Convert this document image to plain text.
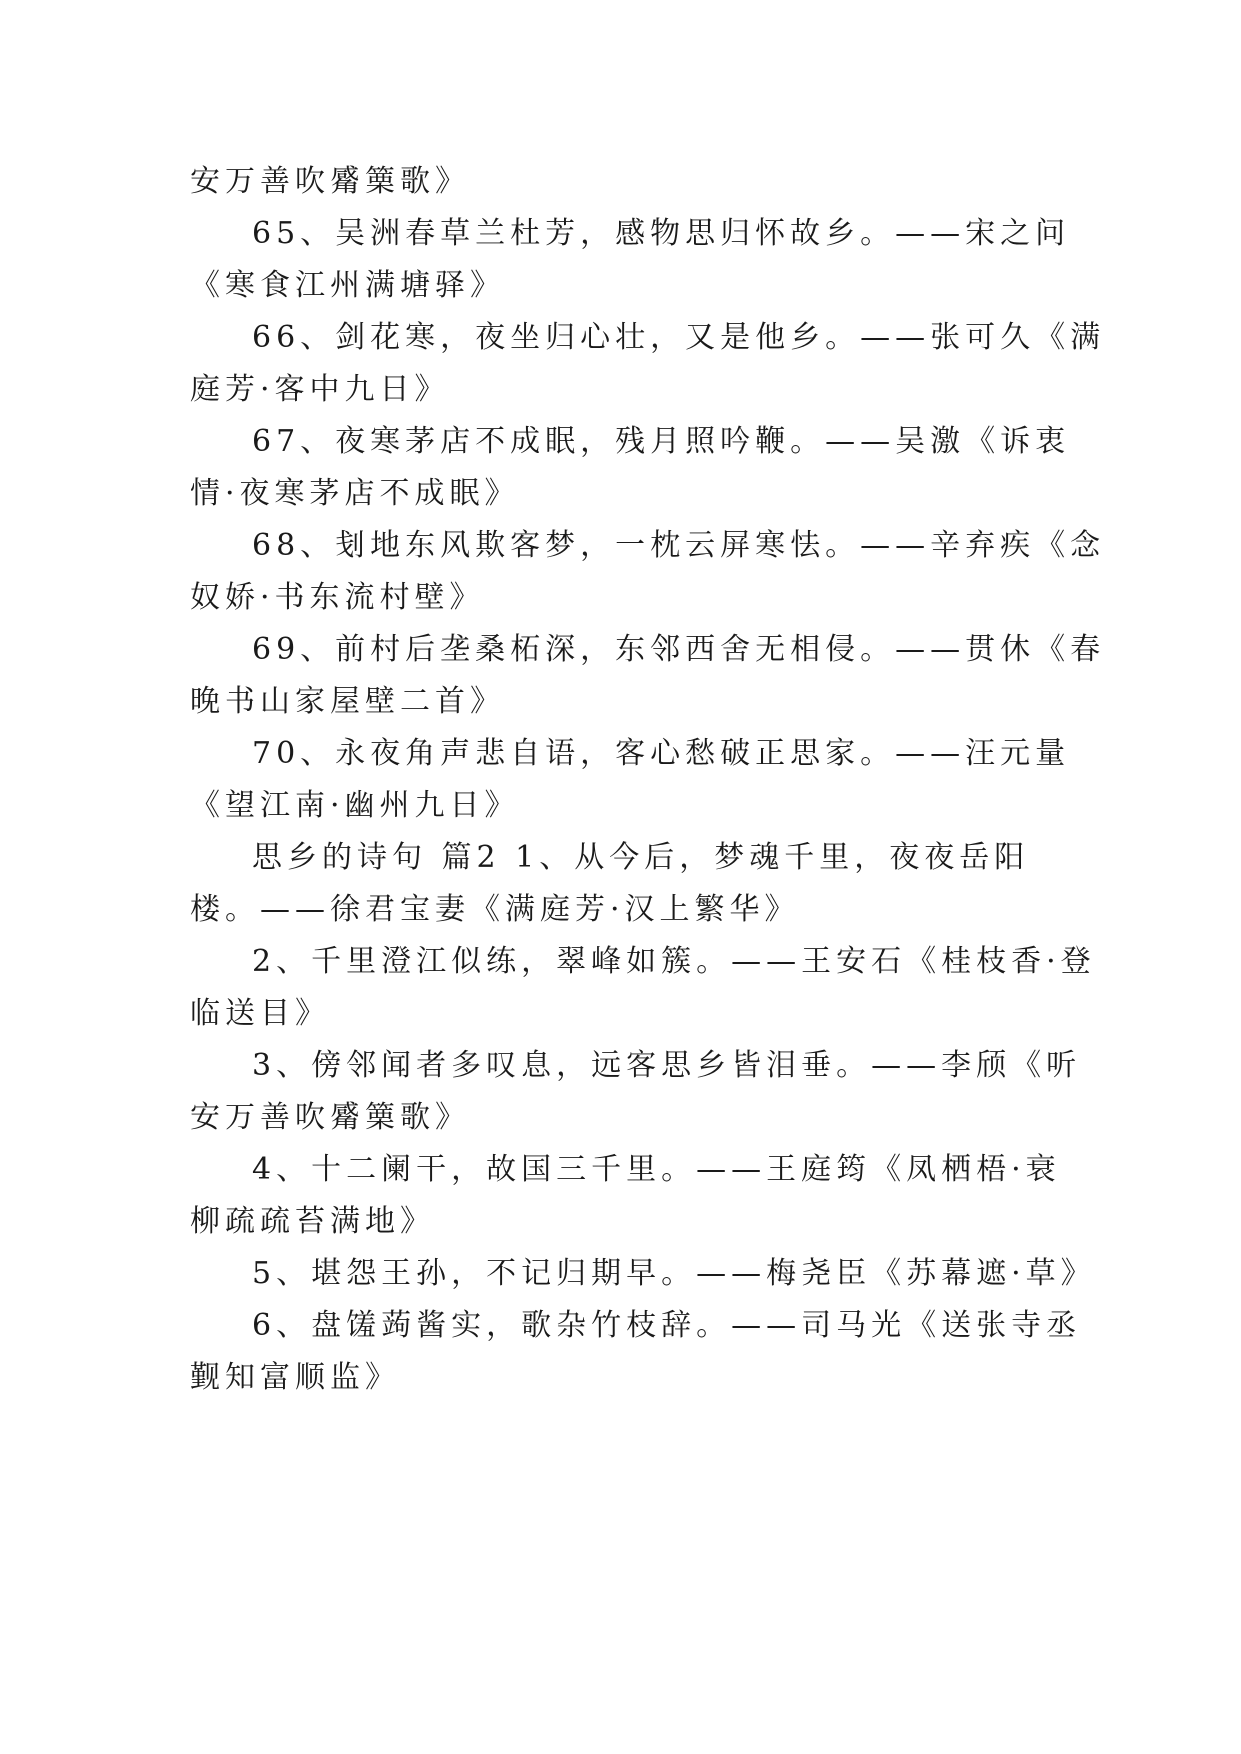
安万善吹觱篥歌》
65、吴洲春草兰杜芳，感物思归怀故乡。——宋之问
《寒食江州满塘驿》
66、剑花寒，夜坐归心壮，又是他乡。——张可久《满
庭芳·客中九日》
67、夜寒茅店不成眠，残月照吟鞭。——吴激《诉衷
情·夜寒茅店不成眠》
68、刬地东风欺客梦，一枕云屏寒怯。——辛弃疾《念
奴娇·书东流村壁》
69、前村后垄桑柘深，东邻西舍无相侵。——贯休《春
晚书山家屋壁二首》
70、永夜角声悲自语，客心愁破正思家。——汪元量
《望江南·幽州九日》
思乡的诗句 篇2 1、从今后，梦魂千里，夜夜岳阳
楼。——徐君宝妻《满庭芳·汉上繁华》
2、千里澄江似练，翠峰如簇。——王安石《桂枝香·登
临送目》
3、傍邻闻者多叹息，远客思乡皆泪垂。——李颀《听
安万善吹觱篥歌》
4、十二阑干，故国三千里。——王庭筠《凤栖梧·衰
柳疏疏苔满地》
5、堪怨王孙，不记归期早。——梅尧臣《苏幕遮·草》
6、盘馐蒟酱实，歌杂竹枝辞。——司马光《送张寺丞
觐知富顺监》
